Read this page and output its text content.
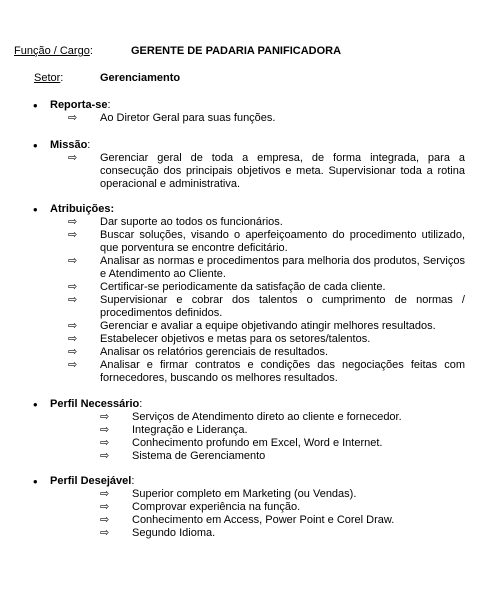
Função / Cargo:	GERENTE DE PADARIA PANIFICADORA
Setor:	Gerenciamento
• Reporta-se:
⇨ Ao Diretor Geral para suas funções.
• Missão:
⇨ Gerenciar geral de toda a empresa, de forma integrada, para a consecução dos principais objetivos e meta. Supervisionar toda a rotina operacional e administrativa.
• Atribuições:
⇨ Dar suporte ao todos os funcionários.
⇨ Buscar soluções, visando o aperfeiçoamento do procedimento utilizado, que porventura se encontre deficitário.
⇨ Analisar as normas e procedimentos para melhoria dos produtos, Serviços e Atendimento ao Cliente.
⇨ Certificar-se periodicamente da satisfação de cada cliente.
⇨ Supervisionar e cobrar dos talentos o cumprimento de normas / procedimentos definidos.
⇨ Gerenciar e avaliar a equipe objetivando atingir melhores resultados.
⇨ Estabelecer objetivos e metas para os setores/talentos.
⇨ Analisar os relatórios gerenciais de resultados.
⇨ Analisar e firmar contratos e condições das negociações feitas com fornecedores, buscando os melhores resultados.
• Perfil Necessário:
⇨ Serviços de Atendimento direto ao cliente e fornecedor.
⇨ Integração e Liderança.
⇨ Conhecimento profundo em Excel, Word e Internet.
⇨ Sistema de Gerenciamento
• Perfil Desejável:
⇨ Superior completo em Marketing (ou Vendas).
⇨ Comprovar experiência na função.
⇨ Conhecimento em Access, Power Point e Corel Draw.
⇨ Segundo Idioma.
